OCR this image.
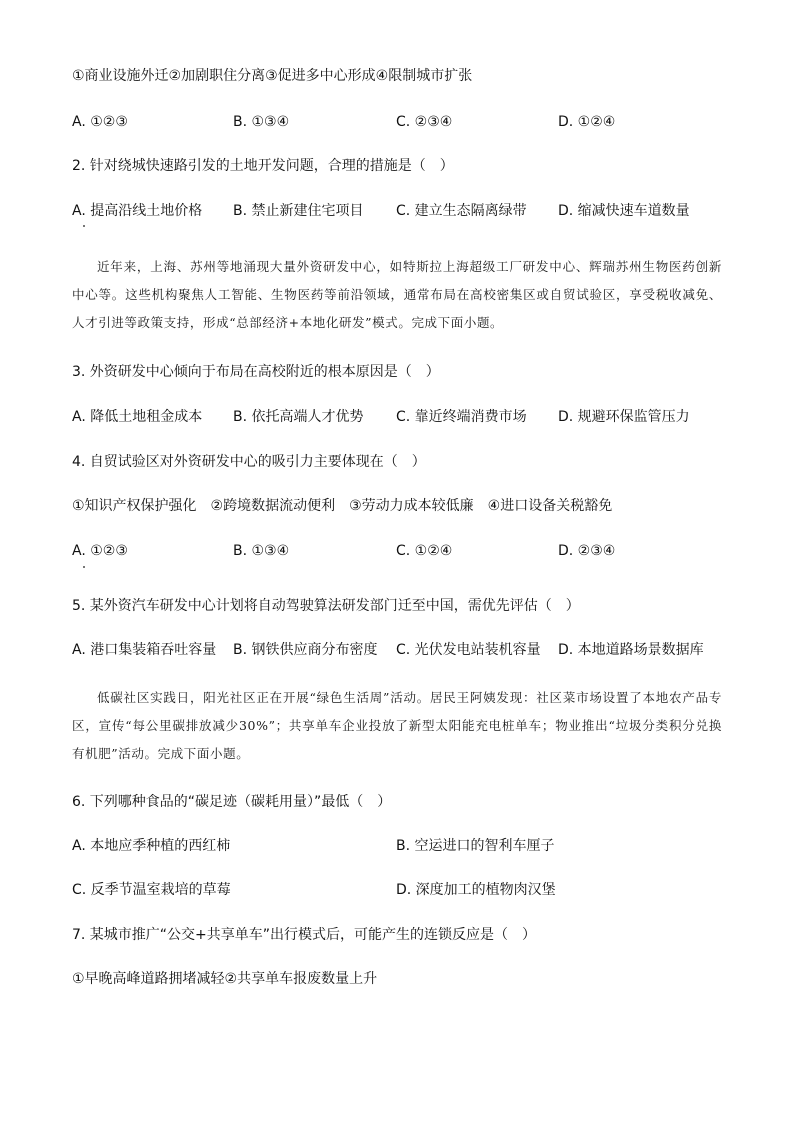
①商业设施外迁②加剧职住分离③促进多中心形成④限制城市扩张
A. ①②③	B. ①③④	C. ②③④	D. ①②④
2. 针对绕城快速路引发的土地开发问题，合理的措施是（　）
A. 提高沿线土地价格 B. 禁止新建住宅项目 C. 建立生态隔离绿带 D. 缩减快速车道数量
近年来，上海、苏州等地涌现大量外资研发中心，如特斯拉上海超级工厂研发中心、辉瑞苏州生物医药创新中心等。这些机构聚焦人工智能、生物医药等前沿领域，通常布局在高校密集区或自贸试验区，享受税收减免、人才引进等政策支持，形成“总部经济+本地化研发”模式。完成下面小题。
3. 外资研发中心倾向于布局在高校附近的根本原因是（　）
A. 降低土地租金成本 B. 依托高端人才优势 C. 靠近终端消费市场 D. 规避环保监管压力
4. 自贸试验区对外资研发中心的吸引力主要体现在（　）
①知识产权保护强化　②跨境数据流动便利　③劳动力成本较低廉　④进口设备关税豁免
A. ①②③	B. ①③④	C. ①②④	D. ②③④
5. 某外资汽车研发中心计划将自动驾驶算法研发部门迁至中国，需优先评估（　）
A. 港口集装箱吞吐容量 B. 钢铁供应商分布密度 C. 光伏发电站装机容量 D. 本地道路场景数据库
低碳社区实践日，阳光社区正在开展“绿色生活周”活动。居民王阿姨发现：社区菜市场设置了本地农产品专区，宣传“每公里碳排放减少30%”；共享单车企业投放了新型太阳能充电桩单车；物业推出“垃圾分类积分兑换有机肥”活动。完成下面小题。
6. 下列哪种食品的“碳足迹（碳耗用量）”最低（　）
A. 本地应季种植的西红柿	B. 空运进口的智利车厘子
C. 反季节温室栽培的草莓	D. 深度加工的植物肉汉堡
7. 某城市推广“公交+共享单车”出行模式后，可能产生的连锁反应是（　）
①早晚高峰道路拥堵减轻②共享单车报废数量上升
